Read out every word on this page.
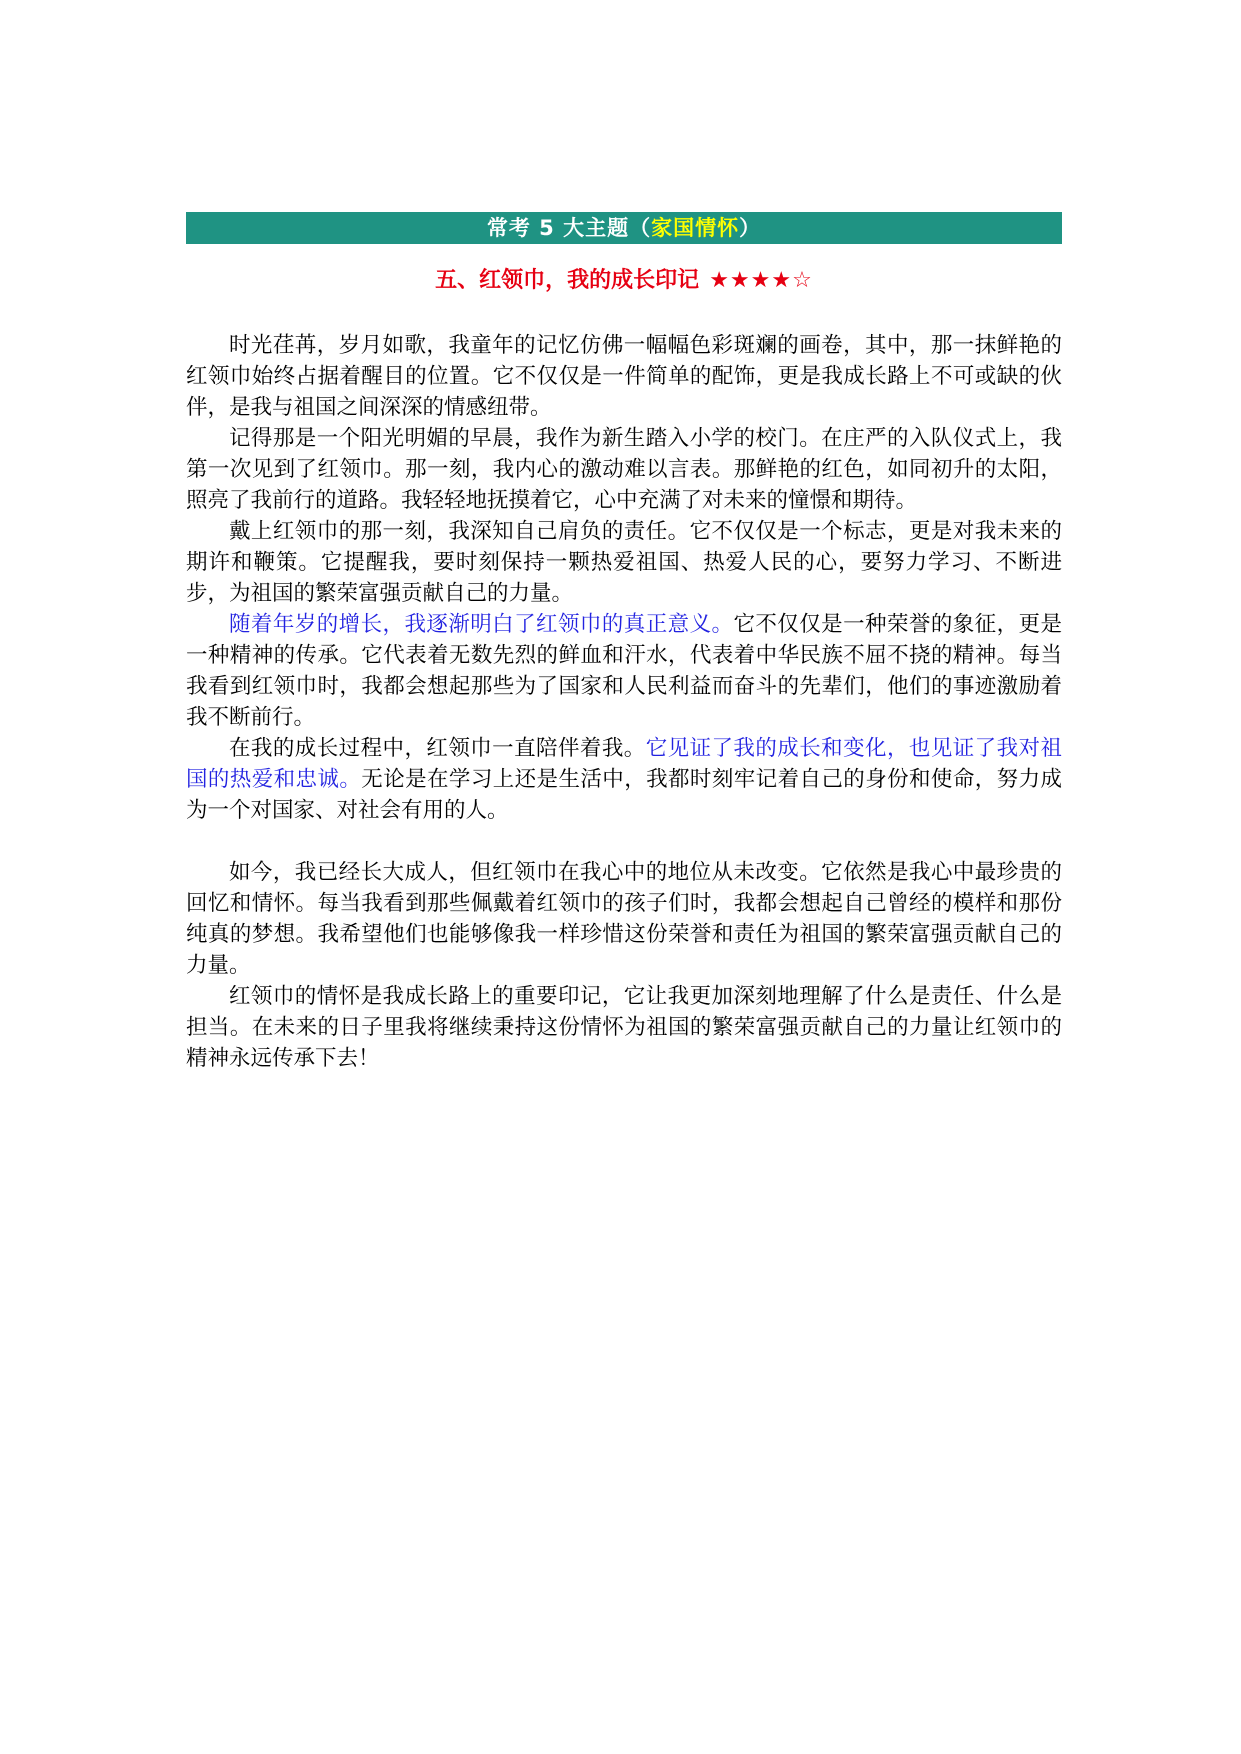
常考 5 大主题（家国情怀）
五、红领巾，我的成长印记 ★★★★☆

时光荏苒，岁月如歌，我童年的记忆仿佛一幅幅色彩斑斓的画卷，其中，那一抹鲜艳的红领巾始终占据着醒目的位置。它不仅仅是一件简单的配饰，更是我成长路上不可或缺的伙伴，是我与祖国之间深深的情感纽带。

记得那是一个阳光明媚的早晨，我作为新生踏入小学的校门。在庄严的入队仪式上，我第一次见到了红领巾。那一刻，我内心的激动难以言表。那鲜艳的红色，如同初升的太阳，照亮了我前行的道路。我轻轻地抚摸着它，心中充满了对未来的憧憬和期待。

戴上红领巾的那一刻，我深知自己肩负的责任。它不仅仅是一个标志，更是对我未来的期许和鞭策。它提醒我，要时刻保持一颗热爱祖国、热爱人民的心，要努力学习、不断进步，为祖国的繁荣富强贡献自己的力量。

随着年岁的增长，我逐渐明白了红领巾的真正意义。它不仅仅是一种荣誉的象征，更是一种精神的传承。它代表着无数先烈的鲜血和汗水，代表着中华民族不屈不挠的精神。每当我看到红领巾时，我都会想起那些为了国家和人民利益而奋斗的先辈们，他们的事迹激励着我不断前行。

在我的成长过程中，红领巾一直陪伴着我。它见证了我的成长和变化，也见证了我对祖国的热爱和忠诚。无论是在学习上还是生活中，我都时刻牢记着自己的身份和使命，努力成为一个对国家、对社会有用的人。

如今，我已经长大成人，但红领巾在我心中的地位从未改变。它依然是我心中最珍贵的回忆和情怀。每当我看到那些佩戴着红领巾的孩子们时，我都会想起自己曾经的模样和那份纯真的梦想。我希望他们也能够像我一样珍惜这份荣誉和责任为祖国的繁荣富强贡献自己的力量。

红领巾的情怀是我成长路上的重要印记，它让我更加深刻地理解了什么是责任、什么是担当。在未来的日子里我将继续秉持这份情怀为祖国的繁荣富强贡献自己的力量让红领巾的精神永远传承下去！
